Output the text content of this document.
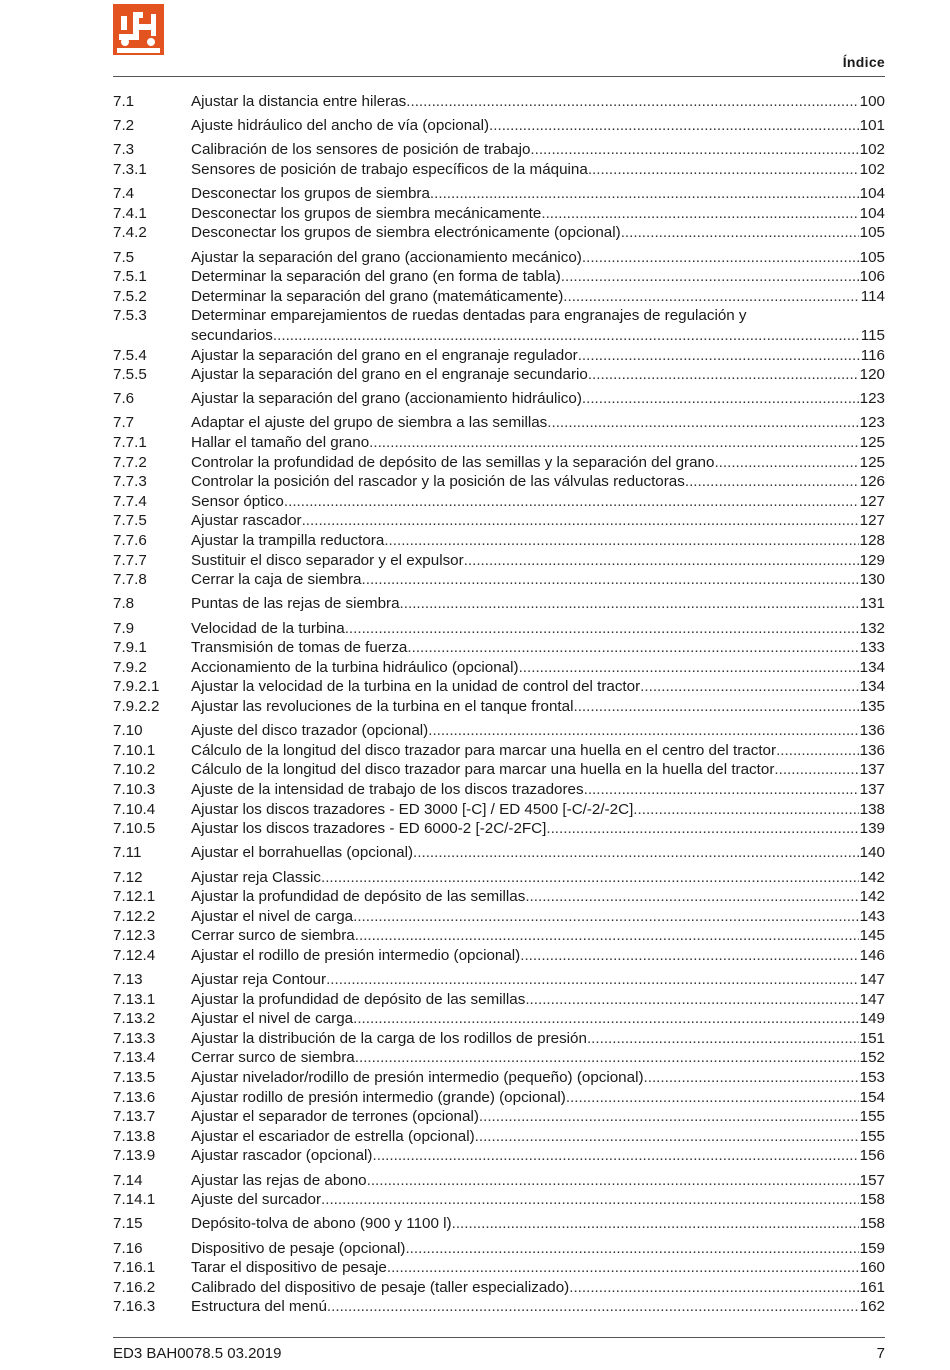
Índice
7.1	Ajustar la distancia entre hileras .....	100
7.2	Ajuste hidráulico del ancho de vía (opcional) .....	101
7.3	Calibración de los sensores de posición de trabajo .....	102
7.3.1	Sensores de posición de trabajo específicos de la máquina .....	102
7.4	Desconectar los grupos de siembra .....	104
7.4.1	Desconectar los grupos de siembra mecánicamente .....	104
7.4.2	Desconectar los grupos de siembra electrónicamente (opcional) .....	105
7.5	Ajustar la separación del grano (accionamiento mecánico) .....	105
7.5.1	Determinar la separación del grano (en forma de tabla) .....	106
7.5.2	Determinar la separación del grano (matemáticamente) .....	114
7.5.3	Determinar emparejamientos de ruedas dentadas para engranajes de regulación y
secundarios .....	115
7.5.4	Ajustar la separación del grano en el engranaje regulador .....	116
7.5.5	Ajustar la separación del grano en el engranaje secundario .....	120
7.6	Ajustar la separación del grano (accionamiento hidráulico) .....	123
7.7	Adaptar el ajuste del grupo de siembra a las semillas .....	123
7.7.1	Hallar el tamaño del grano .....	125
7.7.2	Controlar la profundidad de depósito de las semillas y la separación del grano .....	125
7.7.3	Controlar la posición del rascador y la posición de las válvulas reductoras .....	126
7.7.4	Sensor óptico .....	127
7.7.5	Ajustar rascador .....	127
7.7.6	Ajustar la trampilla reductora .....	128
7.7.7	Sustituir el disco separador y el expulsor .....	129
7.7.8	Cerrar la caja de siembra .....	130
7.8	Puntas de las rejas de siembra .....	131
7.9	Velocidad de la turbina .....	132
7.9.1	Transmisión de tomas de fuerza .....	133
7.9.2	Accionamiento de la turbina hidráulico (opcional) .....	134
7.9.2.1	Ajustar la velocidad de la turbina en la unidad de control del tractor .....	134
7.9.2.2	Ajustar las revoluciones de la turbina en el tanque frontal .....	135
7.10	Ajuste del disco trazador (opcional) .....	136
7.10.1	Cálculo de la longitud del disco trazador para marcar una huella en el centro del tractor .....	136
7.10.2	Cálculo de la longitud del disco trazador para marcar una huella en la huella del tractor .....	137
7.10.3	Ajuste de la intensidad de trabajo de los discos trazadores .....	137
7.10.4	Ajustar los discos trazadores - ED 3000 [-C] / ED 4500 [-C/-2/-2C] .....	138
7.10.5	Ajustar los discos trazadores - ED 6000-2 [-2C/-2FC] .....	139
7.11	Ajustar el borrahuellas (opcional) .....	140
7.12	Ajustar reja Classic .....	142
7.12.1	Ajustar la profundidad de depósito de las semillas .....	142
7.12.2	Ajustar el nivel de carga .....	143
7.12.3	Cerrar surco de siembra .....	145
7.12.4	Ajustar el rodillo de presión intermedio (opcional) .....	146
7.13	Ajustar reja Contour .....	147
7.13.1	Ajustar la profundidad de depósito de las semillas .....	147
7.13.2	Ajustar el nivel de carga .....	149
7.13.3	Ajustar la distribución de la carga de los rodillos de presión .....	151
7.13.4	Cerrar surco de siembra .....	152
7.13.5	Ajustar nivelador/rodillo de presión intermedio (pequeño) (opcional) .....	153
7.13.6	Ajustar rodillo de presión intermedio (grande) (opcional) .....	154
7.13.7	Ajustar el separador de terrones (opcional) .....	155
7.13.8	Ajustar el escariador de estrella (opcional) .....	155
7.13.9	Ajustar rascador (opcional) .....	156
7.14	Ajustar las rejas de abono .....	157
7.14.1	Ajuste del surcador .....	158
7.15	Depósito-tolva de abono (900 y 1100 l) .....	158
7.16	Dispositivo de pesaje (opcional) .....	159
7.16.1	Tarar el dispositivo de pesaje .....	160
7.16.2	Calibrado del dispositivo de pesaje (taller especializado) .....	161
7.16.3	Estructura del menú .....	162
ED3 BAH0078.5 03.2019	7
